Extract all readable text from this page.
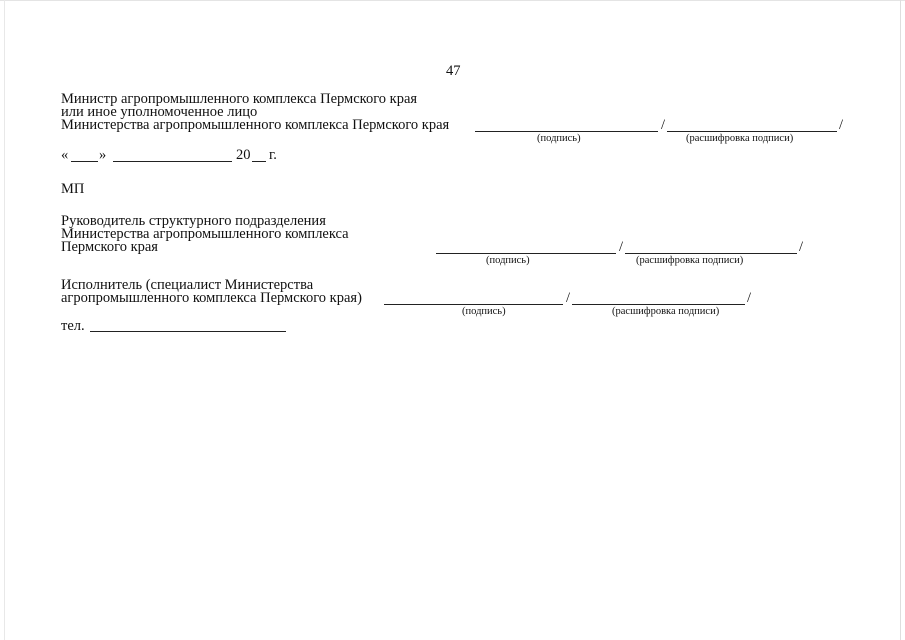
47
Министр агропромышленного комплекса Пермского края
или иное уполномоченное лицо
Министерства агропромышленного комплекса Пермского края	/	/
(подпись)	(расшифровка подписи)
« »	20 г.
МП
Руководитель структурного подразделения
Министерства агропромышленного комплекса
Пермского края	/	/
(подпись)	(расшифровка подписи)
Исполнитель (специалист Министерства
агропромышленного комплекса Пермского края)	/	/
(подпись)	(расшифровка подписи)
тел.
